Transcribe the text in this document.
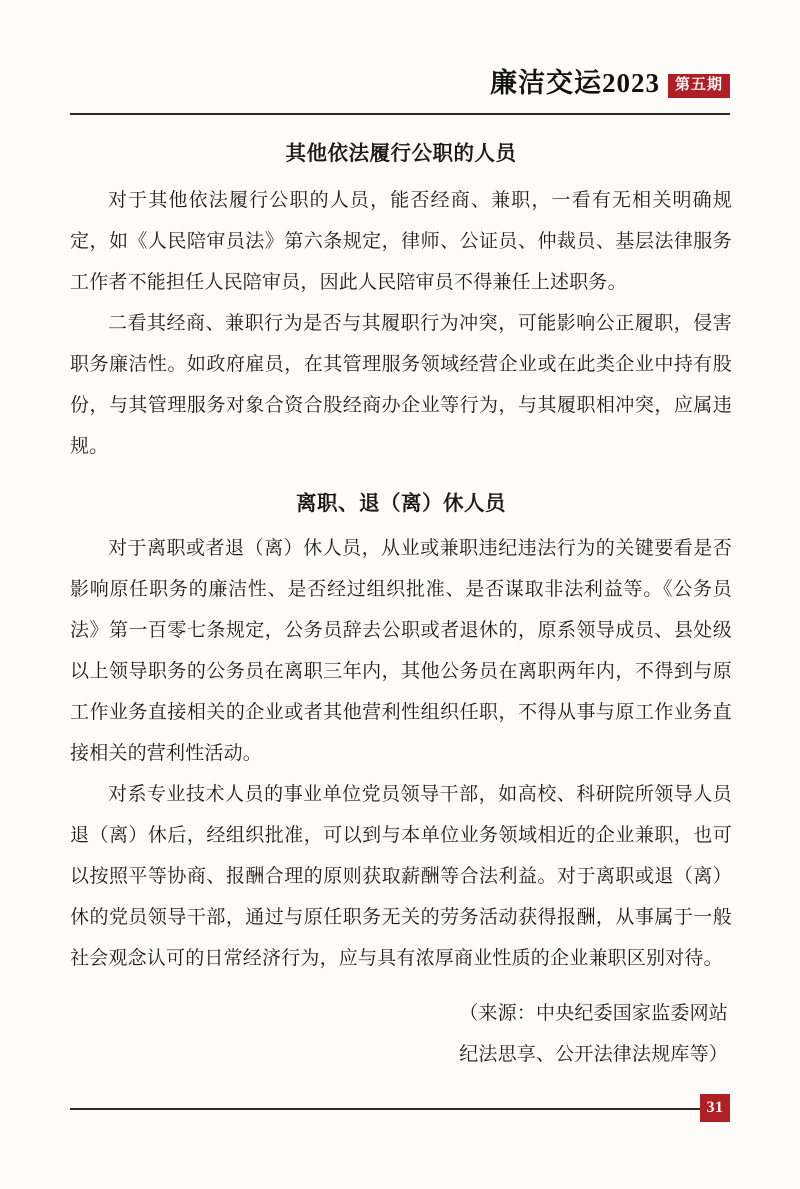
廉洁交运2023	第五期
其他依法履行公职的人员

对于其他依法履行公职的人员，能否经商、兼职，一看有无相关明确规定，如《人民陪审员法》第六条规定，律师、公证员、仲裁员、基层法律服务工作者不能担任人民陪审员，因此人民陪审员不得兼任上述职务。

二看其经商、兼职行为是否与其履职行为冲突，可能影响公正履职，侵害职务廉洁性。如政府雇员，在其管理服务领域经营企业或在此类企业中持有股份，与其管理服务对象合资合股经商办企业等行为，与其履职相冲突，应属违规。

离职、退（离）休人员

对于离职或者退（离）休人员，从业或兼职违纪违法行为的关键要看是否影响原任职务的廉洁性、是否经过组织批准、是否谋取非法利益等。《公务员法》第一百零七条规定，公务员辞去公职或者退休的，原系领导成员、县处级以上领导职务的公务员在离职三年内，其他公务员在离职两年内，不得到与原工作业务直接相关的企业或者其他营利性组织任职，不得从事与原工作业务直接相关的营利性活动。

对系专业技术人员的事业单位党员领导干部，如高校、科研院所领导人员退（离）休后，经组织批准，可以到与本单位业务领域相近的企业兼职，也可以按照平等协商、报酬合理的原则获取薪酬等合法利益。对于离职或退（离）休的党员领导干部，通过与原任职务无关的劳务活动获得报酬，从事属于一般社会观念认可的日常经济行为，应与具有浓厚商业性质的企业兼职区别对待。

（来源：中央纪委国家监委网站
纪法思享、公开法律法规库等）

31
